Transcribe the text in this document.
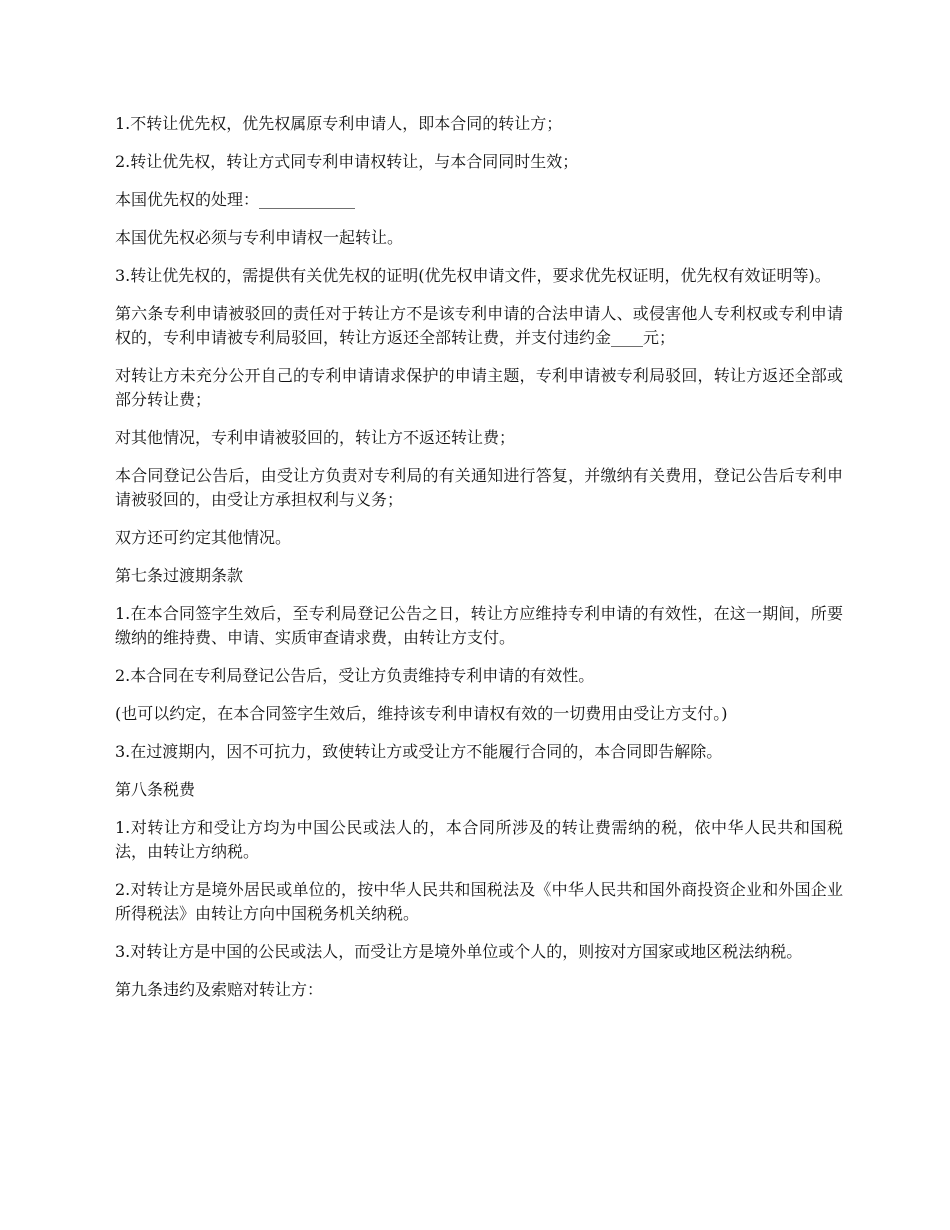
1.不转让优先权，优先权属原专利申请人，即本合同的转让方；

2.转让优先权，转让方式同专利申请权转让，与本合同同时生效；

本国优先权的处理：____________

本国优先权必须与专利申请权一起转让。

3.转让优先权的，需提供有关优先权的证明(优先权申请文件，要求优先权证明，优先权有效证明等)。

第六条专利申请被驳回的责任对于转让方不是该专利申请的合法申请人、或侵害他人专利权或专利申请权的，专利申请被专利局驳回，转让方返还全部转让费，并支付违约金____元；

对转让方未充分公开自己的专利申请请求保护的申请主题，专利申请被专利局驳回，转让方返还全部或部分转让费；

对其他情况，专利申请被驳回的，转让方不返还转让费；

本合同登记公告后，由受让方负责对专利局的有关通知进行答复，并缴纳有关费用，登记公告后专利申请被驳回的，由受让方承担权利与义务；

双方还可约定其他情况。

第七条过渡期条款

1.在本合同签字生效后，至专利局登记公告之日，转让方应维持专利申请的有效性，在这一期间，所要缴纳的维持费、申请、实质审查请求费，由转让方支付。

2.本合同在专利局登记公告后，受让方负责维持专利申请的有效性。

(也可以约定，在本合同签字生效后，维持该专利申请权有效的一切费用由受让方支付。)

3.在过渡期内，因不可抗力，致使转让方或受让方不能履行合同的，本合同即告解除。

第八条税费

1.对转让方和受让方均为中国公民或法人的，本合同所涉及的转让费需纳的税，依中华人民共和国税法，由转让方纳税。

2.对转让方是境外居民或单位的，按中华人民共和国税法及《中华人民共和国外商投资企业和外国企业所得税法》由转让方向中国税务机关纳税。

3.对转让方是中国的公民或法人，而受让方是境外单位或个人的，则按对方国家或地区税法纳税。

第九条违约及索赔对转让方：
